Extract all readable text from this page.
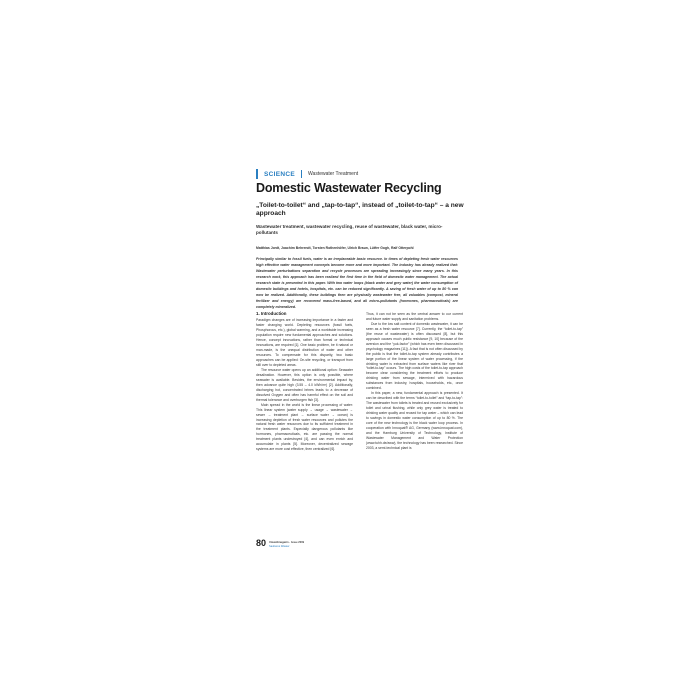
SCIENCE	Wastewater Treatment
Domestic Wastewater Recycling
„Toilet-to-toilet“ and „tap-to-tap“, instead of „toilet-to-tap“ – a new approach
Wastewater treatment, wastewater recycling, reuse of wastewater, black water, micro-pollutants
Matthias Jordt, Joachim Behrendt, Torsten Rothenhöfer, Ulrich Braun, Lütfer Gogh, Ralf Otterpohl
Principally similar to fossil fuels, water is an irreplaceable basic resource. In times of depleting fresh water resources high effective water management concepts become more and more important. The industry has already realized that: Wastewater perturbations separation and recycle processes are spreading increasingly since many years. In this research work, this approach has been realized the first time in the field of domestic water management. The actual research state is presented in this paper. With two water loops (black water and grey water) the water consumption of domestic buildings and hotels, hospitals, etc. can be reduced significantly. A saving of fresh water of up to 80 % can now be realized. Additionally, these buildings then are physically wastewater free, all valuables (compost, mineral fertilizer and energy) are recovered mass-free-based, and all micro-pollutants (hormones, pharmaceuticals) are completely mineralized.
1. Introduction

Paradigm changes are of increasing importance in a faster and faster changing world. Depleting resources (fossil fuels, Phosphorous, etc.), global warming, and a worldwide increasing population require new fundamental approaches and solutions. Hence, concept innovations, rather than formal or technical innovations, are required [1]. One basic problem, be it natural or man-made, is the unequal distribution of water and other resources. To compensate for this disparity, two basic approaches can be applied: On-site recycling, or transport from still over to depleted areas.

The resource water opens up an additional option: Seawater desalination. However, this option is only possible, where seawater is available. Besides, the environmental impact by, then advance quite high (3.55 – 4.0 kWh/m³) [2]. Additionally, discharging hot, concentrated brines leads to a decrease of dissolved Oxygen and often has harmful effect on the soil and thermal tolerance and overburgen fish [3].

Main spread in the world is the linear processing of water: This linear system (water supply → usage → wastewater → sewer → treatment plant → surface water → ocean) is increasing depletion of fresh water resources and pollutes the natural fresh water resources due to its sufficient treatment in the treatment plants. Especially dangerous pollutants like hormones, pharmaceuticals, etc. are passing the normal treatment plants undestroyed [4], and can even enrich and accumulate in plants [5]. Moreover, decentralized sewage systems are more cost effective, then centralized [6].

Thus, it can not be seen as the central answer to our current and future water supply and sanitation problems.

Due to the low salt content of domestic wastewater, it can be seen as a fresh water resource [7]. Currently, the “toilet-to-tap” (the reuse of wastewater) is often discussed [8], but this approach causes much public resistance [9, 10] because of the aversion and the “yuk-factor” (which has even been discussed in psychology magazines [11]). A fact that is not often discussed by the public is that the toilet-to-tap system already contributes a large portion of the linear system of water processing, if the drinking water is extracted from surface waters like river that “toilet-to-tap” occurs. The high costs of the toilet-to-tap approach become clear considering the treatment efforts to produce drinking water from sewage, intermixed with hazardous substances from industry, hospitals, households, etc., once combined.

In this paper, a new, fundamental approach is presented. It can be described with the terms “toilet-to-toilet” and “tap-to-tap”: The wastewater from toilets is treated and reused exclusively for toilet and urinal flushing, while only grey water is treated to drinking water quality and reused for tap water – which can lead to savings in domestic water consumption of up to 80 %. The core of the new technology is the black water loop process. In cooperation with Innoquat® AG, Germany (www.innoquat.com), and the Hamburg University of Technology, Institute of Wastewater Management and Water Protection (www.tuhh.de/aww), the technology has been researched. Since 2003, a semi-technical plant is

80 Umweltmagazin · Issue 2009
Sauberes Wasser
